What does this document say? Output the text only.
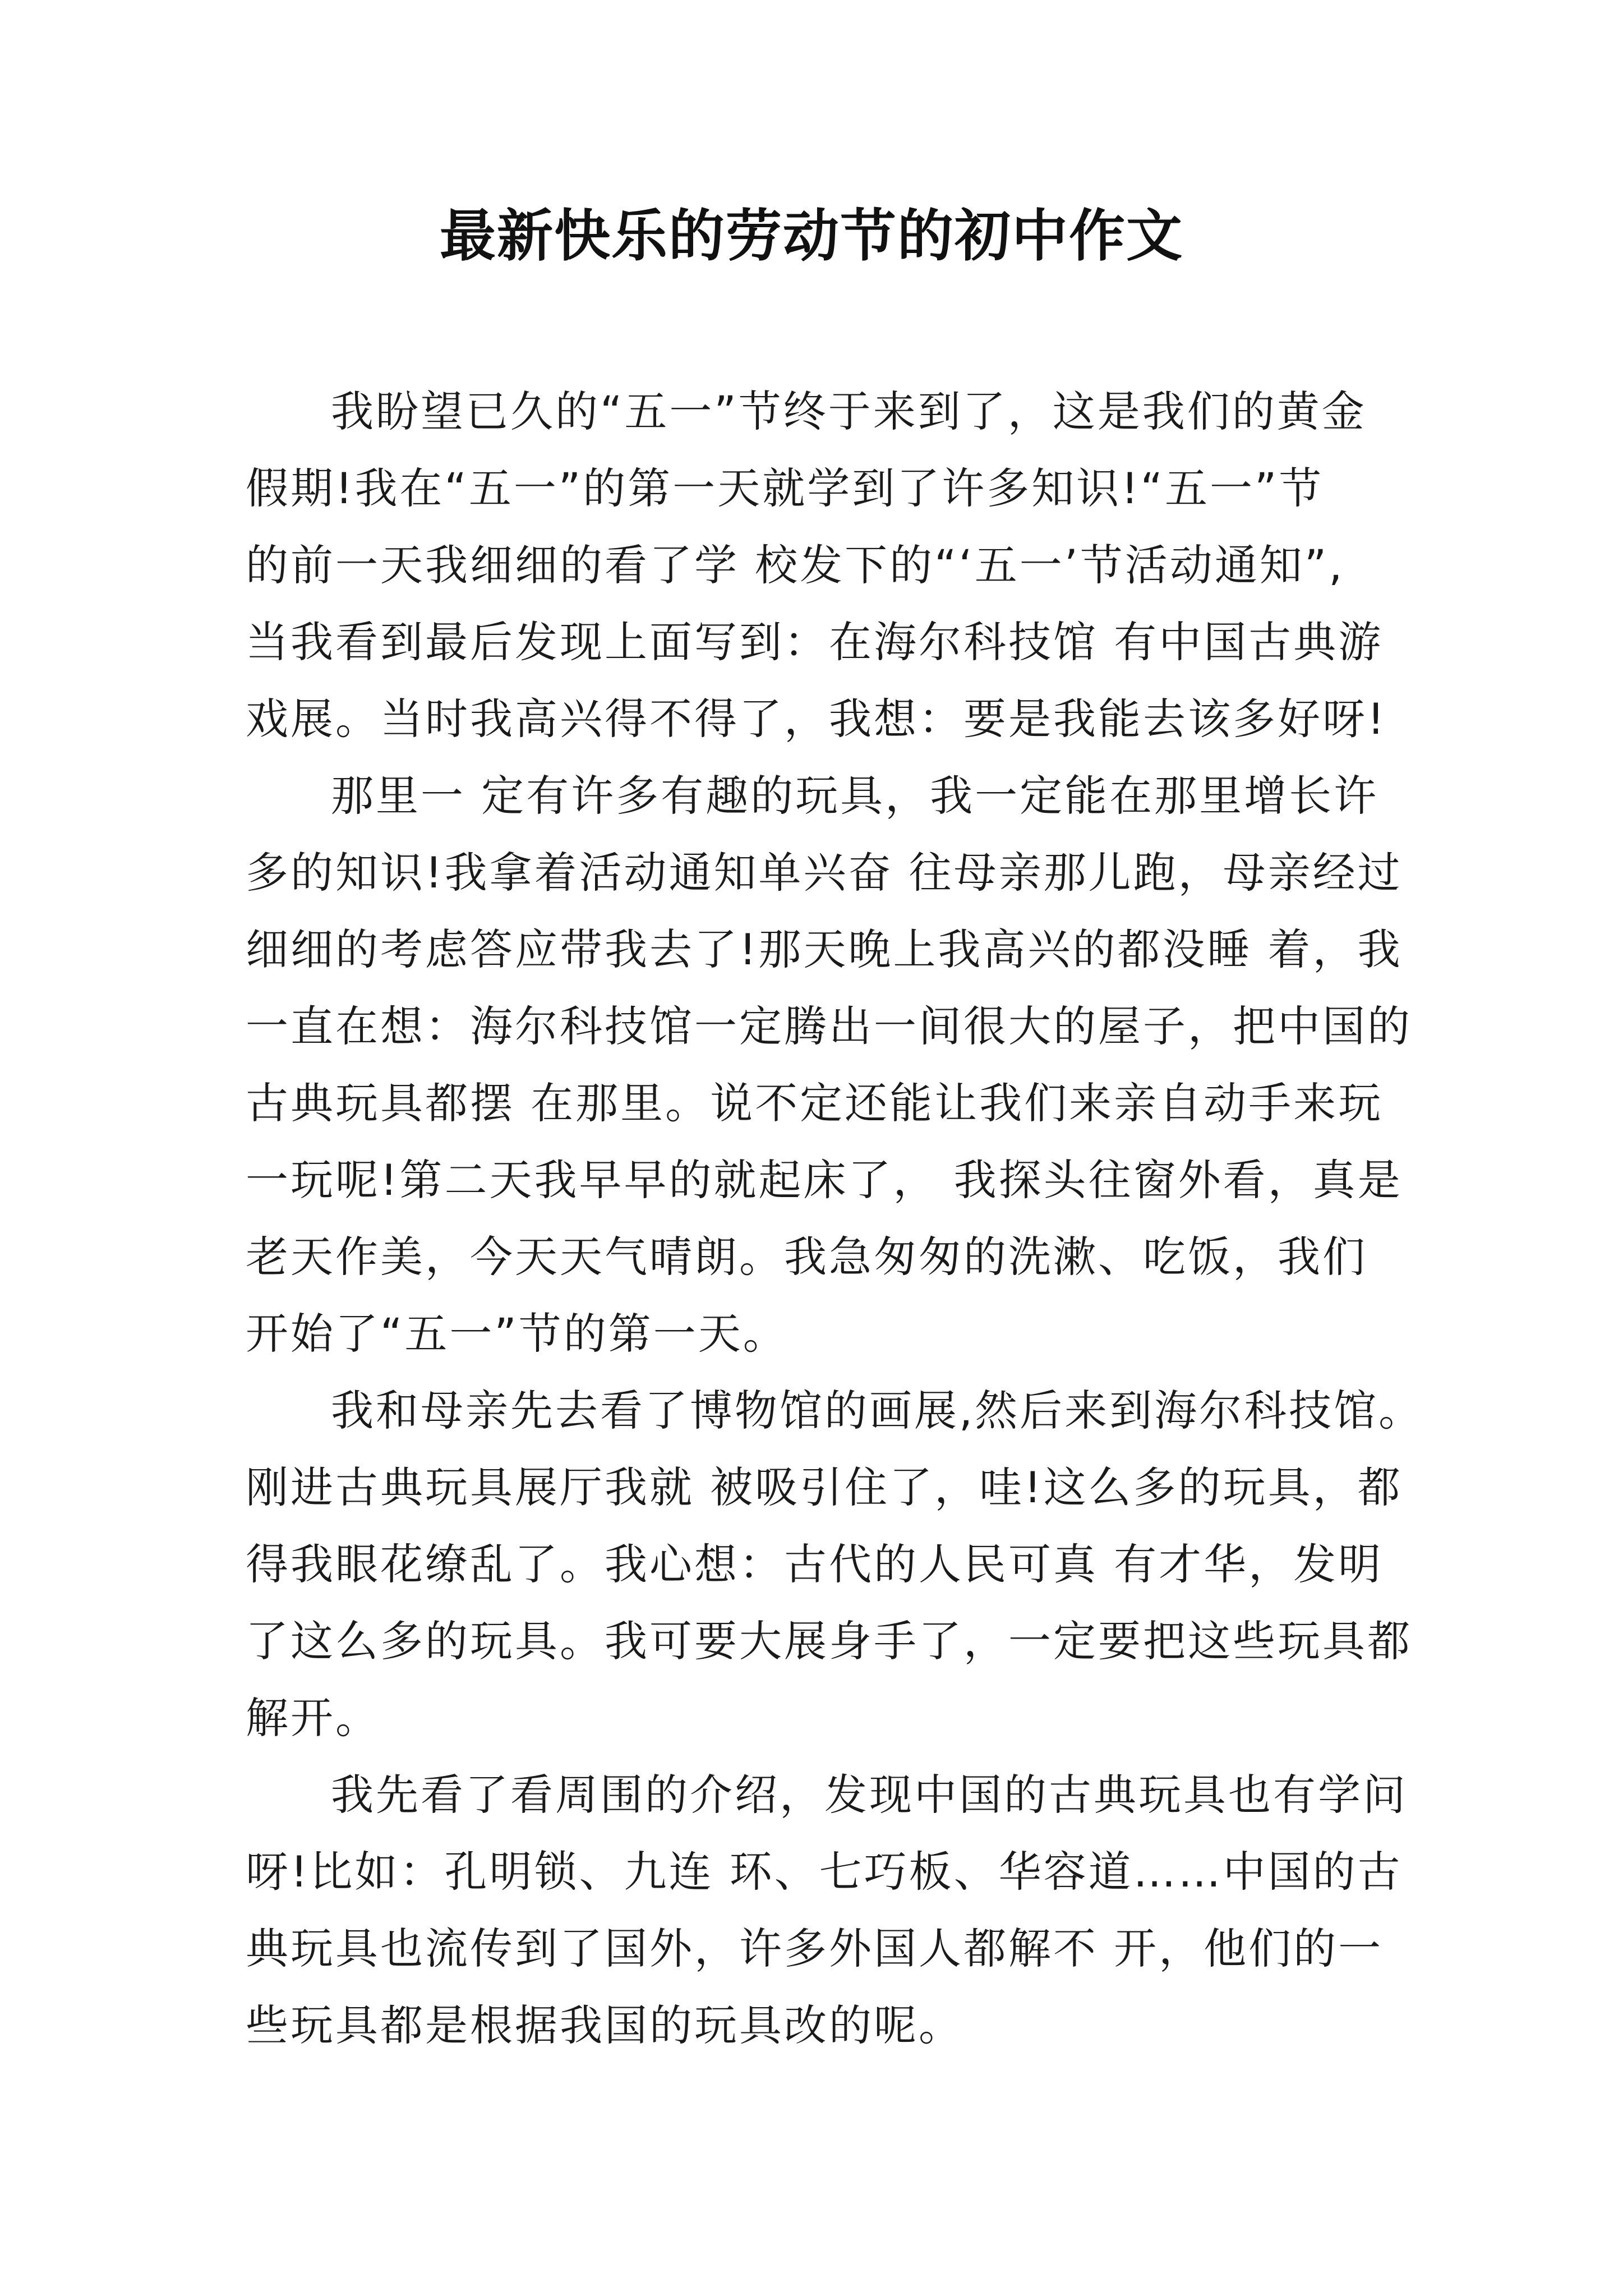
最新快乐的劳动节的初中作文
我盼望已久的“五一”节终于来到了，这是我们的黄金
假期!我在“五一”的第一天就学到了许多知识!“五一”节
的前一天我细细的看了学 校发下的“‘五一’节活动通知”,
当我看到最后发现上面写到：在海尔科技馆 有中国古典游
戏展。当时我高兴得不得了，我想：要是我能去该多好呀!
那里一 定有许多有趣的玩具，我一定能在那里增长许
多的知识!我拿着活动通知单兴奋 往母亲那儿跑，母亲经过
细细的考虑答应带我去了!那天晚上我高兴的都没睡 着，我
一直在想：海尔科技馆一定腾出一间很大的屋子，把中国的
古典玩具都摆 在那里。说不定还能让我们来亲自动手来玩
一玩呢!第二天我早早的就起床了， 我探头往窗外看，真是
老天作美，今天天气晴朗。我急匆匆的洗漱、吃饭，我们
开始了“五一”节的第一天。
我和母亲先去看了博物馆的画展,然后来到海尔科技馆。
刚进古典玩具展厅我就 被吸引住了，哇!这么多的玩具，都
得我眼花缭乱了。我心想：古代的人民可真 有才华，发明
了这么多的玩具。我可要大展身手了，一定要把这些玩具都
解开。
我先看了看周围的介绍，发现中国的古典玩具也有学问
呀!比如：孔明锁、九连 环、七巧板、华容道……中国的古
典玩具也流传到了国外，许多外国人都解不 开，他们的一
些玩具都是根据我国的玩具改的呢。
